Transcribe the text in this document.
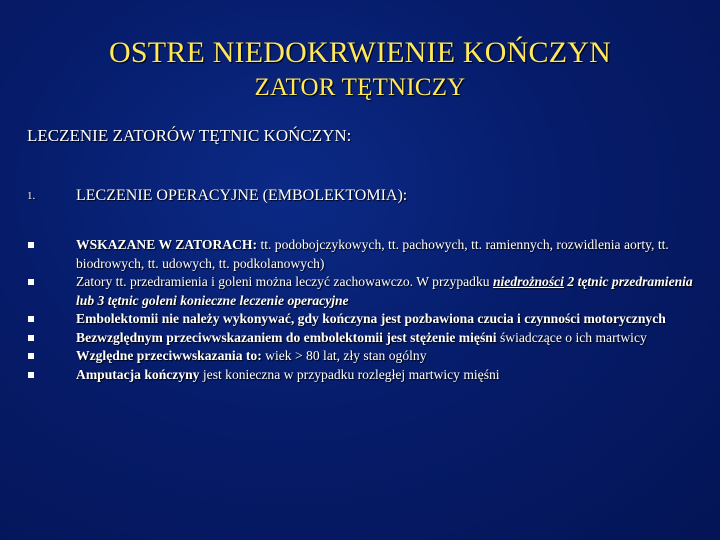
OSTRE NIEDOKRWIENIE KOŃCZYN
ZATOR TĘTNICZY
LECZENIE ZATORÓW TĘTNIC KOŃCZYN:
1.	LECZENIE OPERACYJNE (EMBOLEKTOMIA):
WSKAZANE W ZATORACH: tt. podobojczykowych, tt. pachowych, tt. ramiennych, rozwidlenia aorty, tt. biodrowych, tt. udowych, tt. podkolanowych)
Zatory tt. przedramienia i goleni można leczyć zachowawczo. W przypadku niedrożności 2 tętnic przedramienia lub 3 tętnic goleni konieczne leczenie operacyjne
Embolektomii nie należy wykonywać, gdy kończyna jest pozbawiona czucia i czynności motorycznych
Bezwzględnym przeciwwskazaniem do embolektomii jest stężenie mięśni świadczące o ich martwicy
Względne przeciwwskazania to: wiek > 80 lat, zły stan ogólny
Amputacja kończyny jest konieczna w przypadku rozległej martwicy mięśni
